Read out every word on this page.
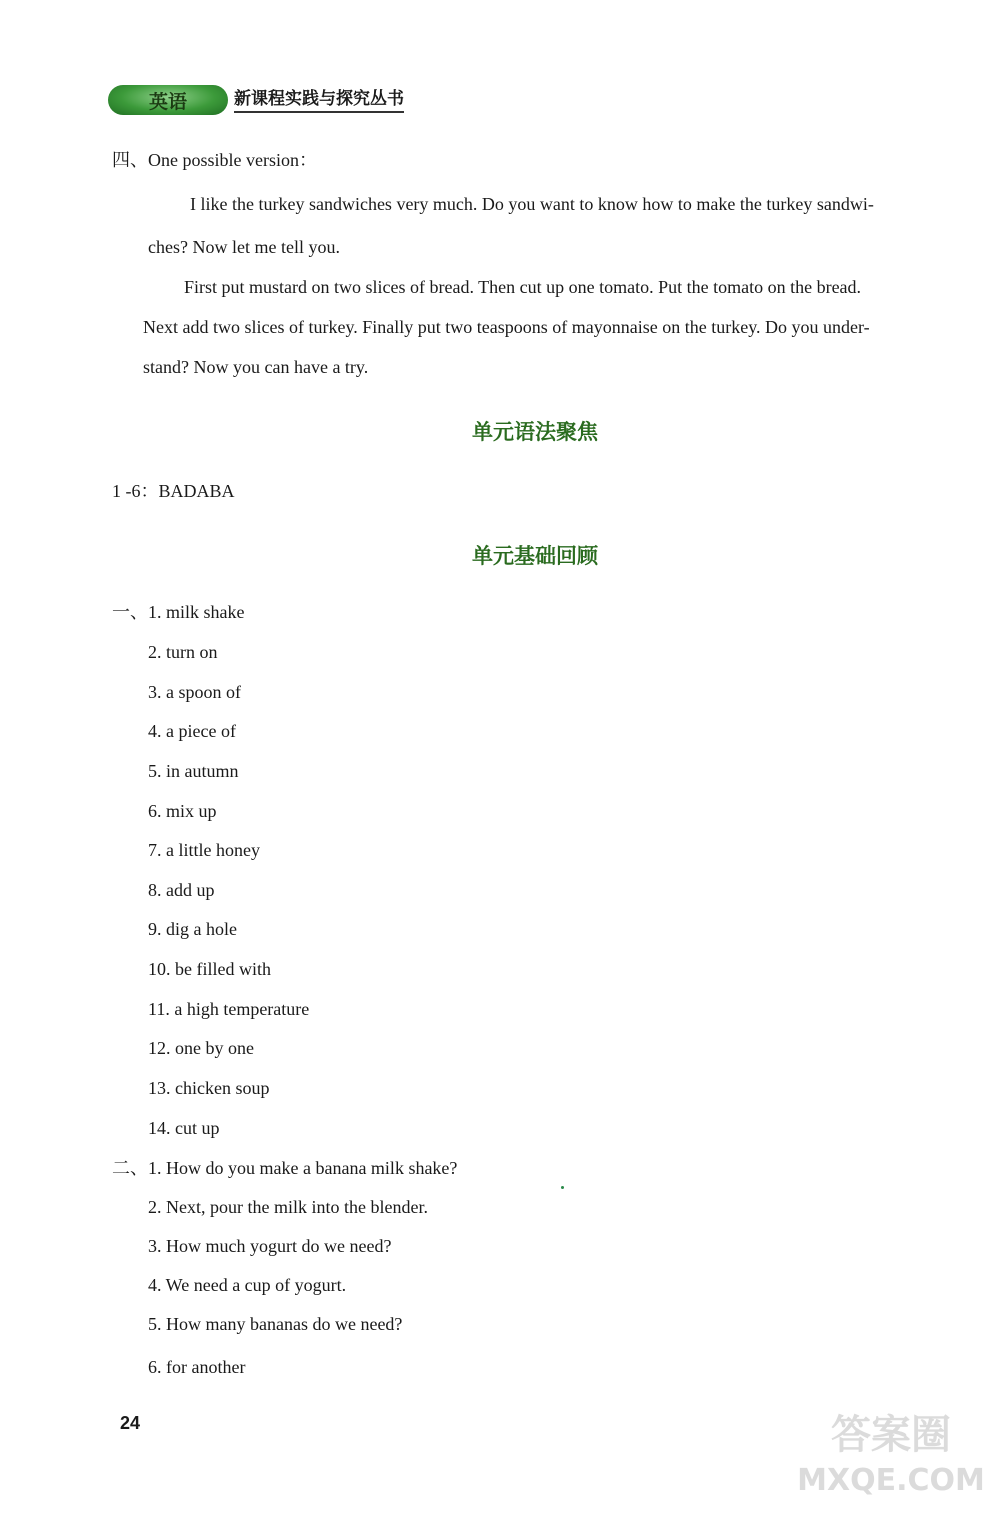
英语	新课程实践与探究丛书
四、One possible version：
I like the turkey sandwiches very much. Do you want to know how to make the turkey sandwi-
ches? Now let me tell you.
First put mustard on two slices of bread. Then cut up one tomato. Put the tomato on the bread.
Next add two slices of turkey. Finally put two teaspoons of mayonnaise on the turkey. Do you under-
stand? Now you can have a try.
单元语法聚焦
1 -6：BADABA
单元基础回顾
一、 1. milk shake
2. turn on
3. a spoon of
4. a piece of
5. in autumn
6. mix up
7. a little honey
8. add up
9. dig a hole
10. be filled with
11. a high temperature
12. one by one
13. chicken soup
14. cut up
二、 1. How do you make a banana milk shake?
2. Next, pour the milk into the blender.
3. How much yogurt do we need?
4. We need a cup of yogurt.
5. How many bananas do we need?
6. for another
24	答案圈
MXQE.COM
